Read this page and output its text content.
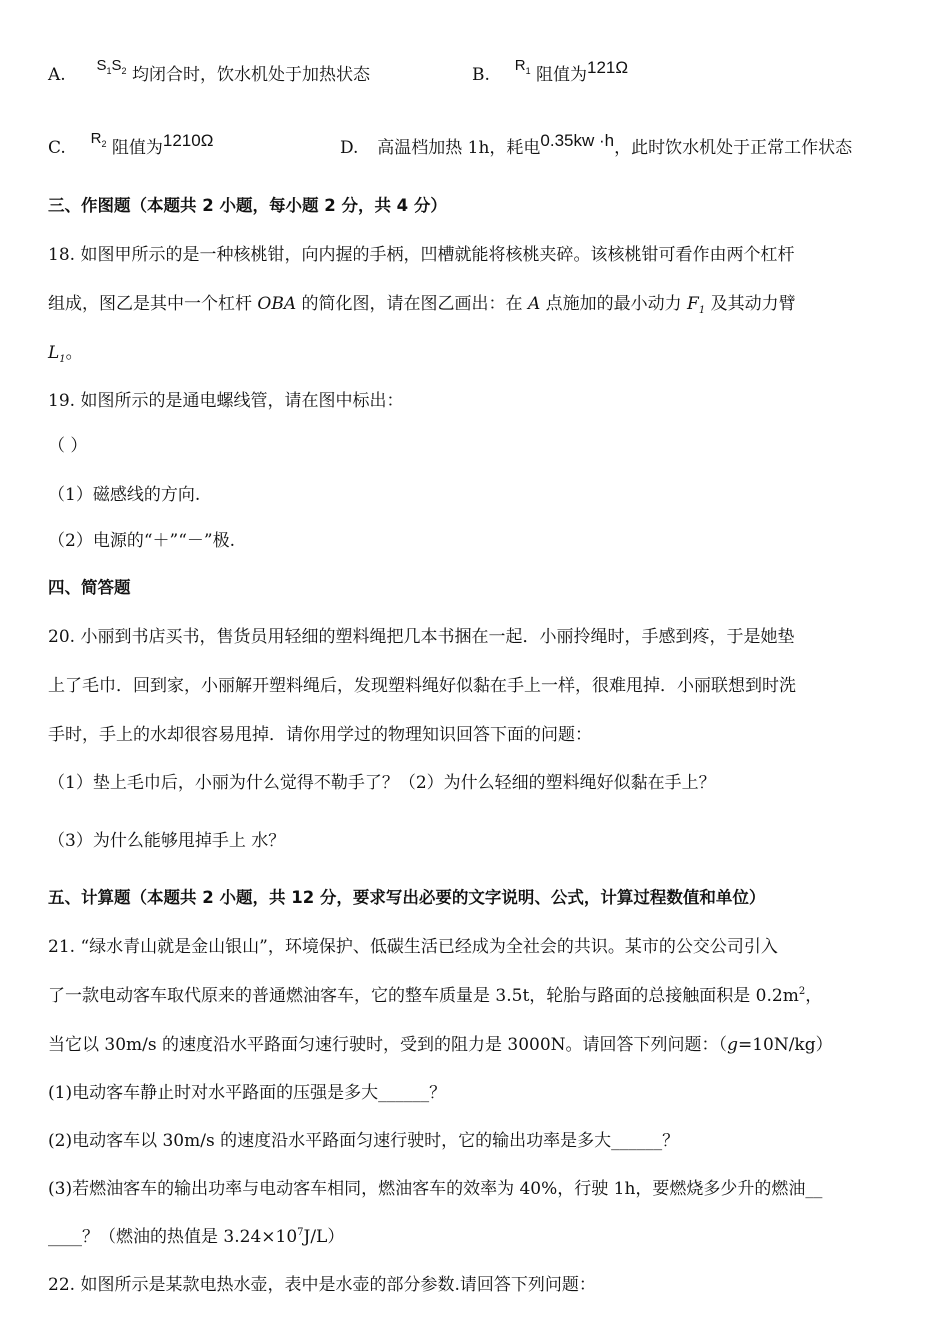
A. $S_1S_2$ 均闭合时，饮水机处于加热状态	B. $R_1$ 阻值为121Ω
C. $R_2$ 阻值为1210Ω	D. 高温档加热 1h，耗电0.35kw ·h，此时饮水机处于正常工作状态
三、作图题（本题共 2 小题，每小题 2 分，共 4 分）
18. 如图甲所示的是一种核桃钳，向内握的手柄，凹槽就能将核桃夹碎。该核桃钳可看作由两个杠杆
组成，图乙是其中一个杠杆 OBA 的简化图，请在图乙画出：在 A 点施加的最小动力 $F_1$ 及其动力臂
$L_1$。
19. 如图所示的是通电螺线管，请在图中标出：
（ ）
（1）磁感线的方向.
（2）电源的“＋”“－”极.
四、简答题
20. 小丽到书店买书，售货员用轻细的塑料绳把几本书捆在一起．小丽拎绳时，手感到疼，于是她垫
上了毛巾．回到家，小丽解开塑料绳后，发现塑料绳好似黏在手上一样，很难甩掉．小丽联想到时洗
手时，手上的水却很容易甩掉．请你用学过的物理知识回答下面的问题：
（1）垫上毛巾后，小丽为什么觉得不勒手了？（2）为什么轻细的塑料绳好似黏在手上？
（3）为什么能够甩掉手上 水？
五、计算题（本题共 2 小题，共 12 分，要求写出必要的文字说明、公式，计算过程数值和单位）
21. “绿水青山就是金山银山”，环境保护、低碳生活已经成为全社会的共识。某市的公交公司引入
了一款电动客车取代原来的普通燃油客车，它的整车质量是 3.5t，轮胎与路面的总接触面积是 $0.2m^2$，
当它以 30m/s 的速度沿水平路面匀速行驶时，受到的阻力是 3000N。请回答下列问题：（g=10N/kg）
(1)电动客车静止时对水平路面的压强是多大______？
(2)电动客车以 30m/s 的速度沿水平路面匀速行驶时，它的输出功率是多大______？
(3)若燃油客车的输出功率与电动客车相同，燃油客车的效率为 40%，行驶 1h，要燃烧多少升的燃油__
____？（燃油的热值是 $3.24\times 10^7J/L$）
22. 如图所示是某款电热水壶，表中是水壶的部分参数.请回答下列问题：
